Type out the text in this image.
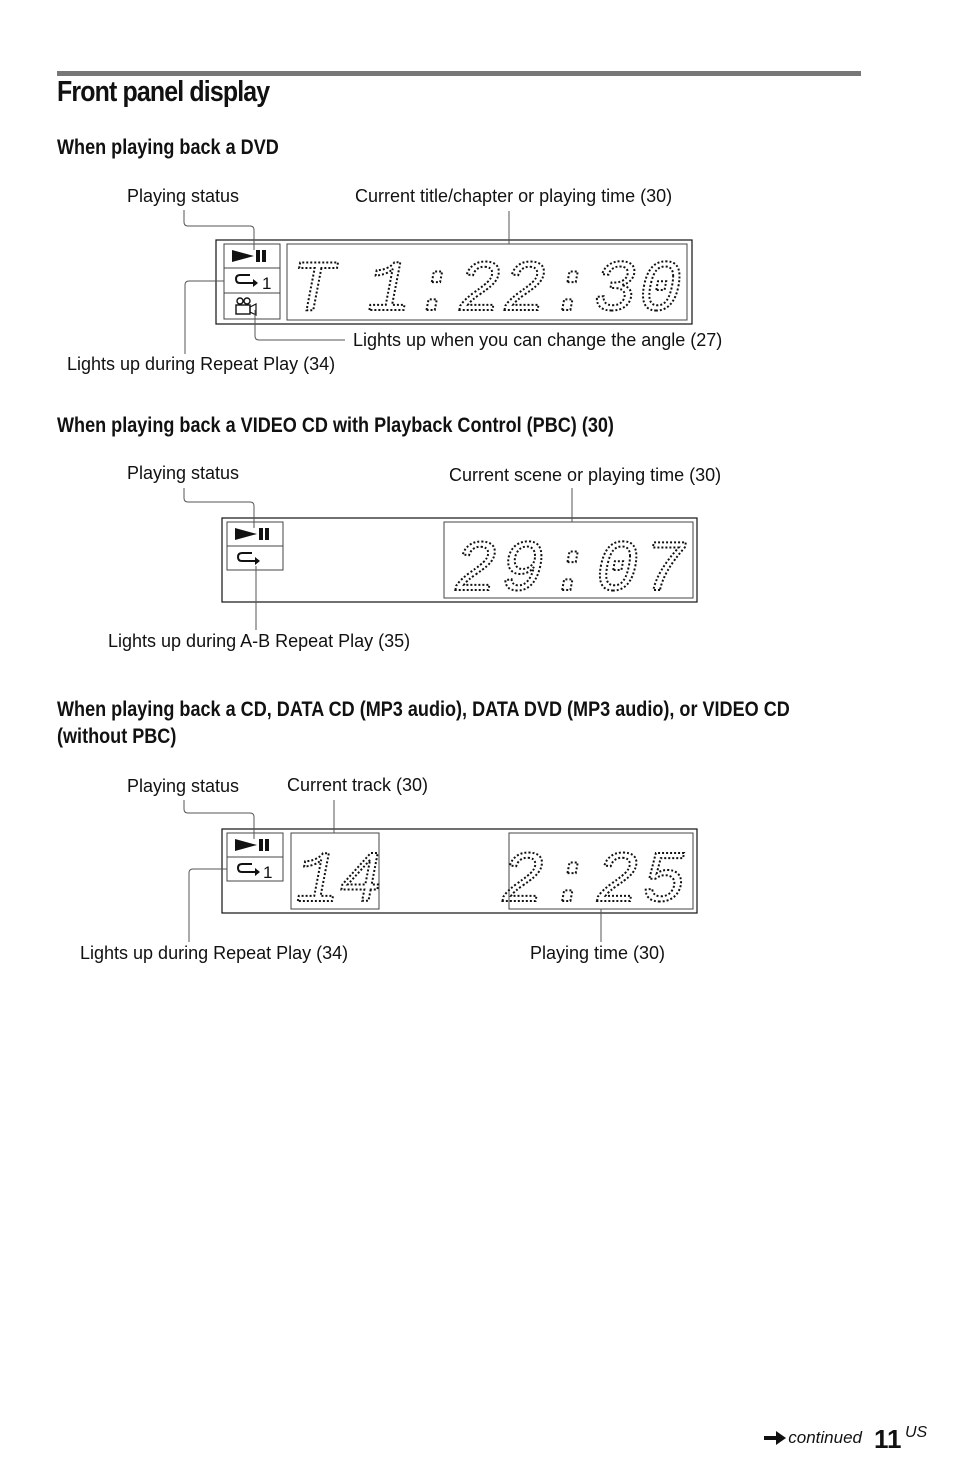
Front panel display
When playing back a DVD
Playing status	Current title/chapter or playing time (30)
Lights up when you can change the angle (27)
Lights up during Repeat Play (34)
When playing back a VIDEO CD with Playback Control (PBC) (30)
Playing status	Current scene or playing time (30)
Lights up during A-B Repeat Play (35)
When playing back a CD, DATA CD (MP3 audio), DATA DVD (MP3 audio), or VIDEO CD (without PBC)
Playing status	Current track (30)
Lights up during Repeat Play (34)	Playing time (30)
T 1:22:30
29:07
1 14 2:25
1
continued 11 US
